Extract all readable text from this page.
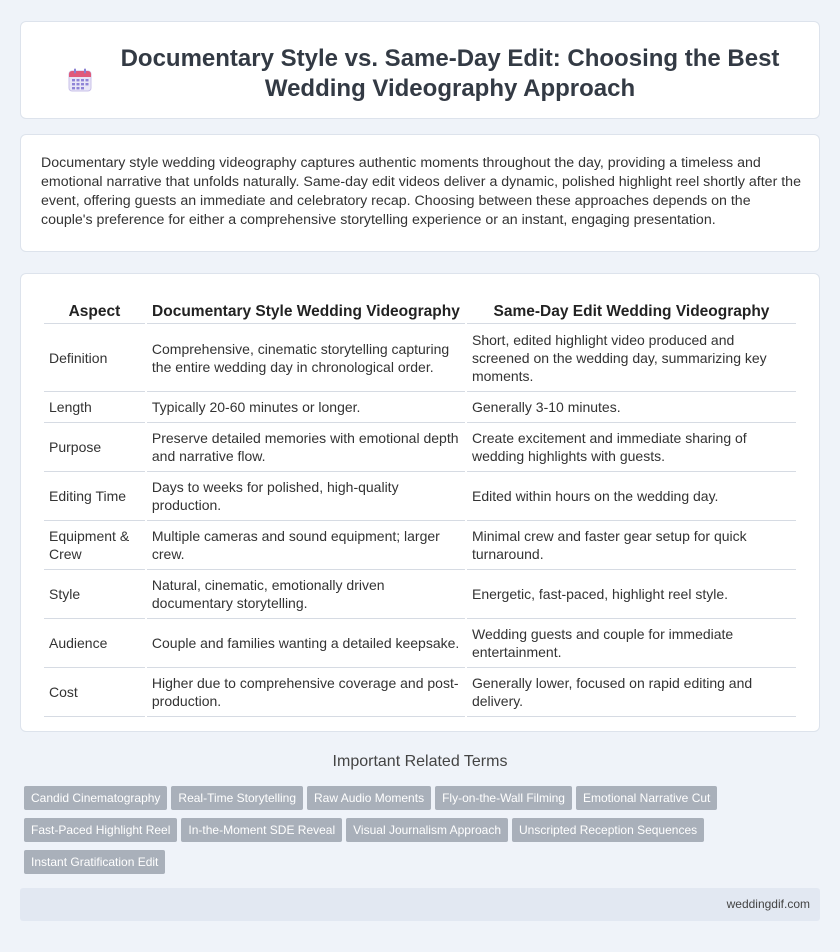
Documentary Style vs. Same-Day Edit: Choosing the Best Wedding Videography Approach

Documentary style wedding videography captures authentic moments throughout the day, providing a timeless and emotional narrative that unfolds naturally. Same-day edit videos deliver a dynamic, polished highlight reel shortly after the event, offering guests an immediate and celebratory recap. Choosing between these approaches depends on the couple's preference for either a comprehensive storytelling experience or an instant, engaging presentation.

Aspect	Documentary Style Wedding Videography	Same-Day Edit Wedding Videography
Definition	Comprehensive, cinematic storytelling capturing the entire wedding day in chronological order.	Short, edited highlight video produced and screened on the wedding day, summarizing key moments.
Length	Typically 20-60 minutes or longer.	Generally 3-10 minutes.
Purpose	Preserve detailed memories with emotional depth and narrative flow.	Create excitement and immediate sharing of wedding highlights with guests.
Editing Time	Days to weeks for polished, high-quality production.	Edited within hours on the wedding day.
Equipment & Crew	Multiple cameras and sound equipment; larger crew.	Minimal crew and faster gear setup for quick turnaround.
Style	Natural, cinematic, emotionally driven documentary storytelling.	Energetic, fast-paced, highlight reel style.
Audience	Couple and families wanting a detailed keepsake.	Wedding guests and couple for immediate entertainment.
Cost	Higher due to comprehensive coverage and post-production.	Generally lower, focused on rapid editing and delivery.
Important Related Terms
Candid Cinematography Real-Time Storytelling Raw Audio Moments Fly-on-the-Wall Filming Emotional Narrative Cut
Fast-Paced Highlight Reel In-the-Moment SDE Reveal Visual Journalism Approach Unscripted Reception Sequences
Instant Gratification Edit
weddingdif.com
